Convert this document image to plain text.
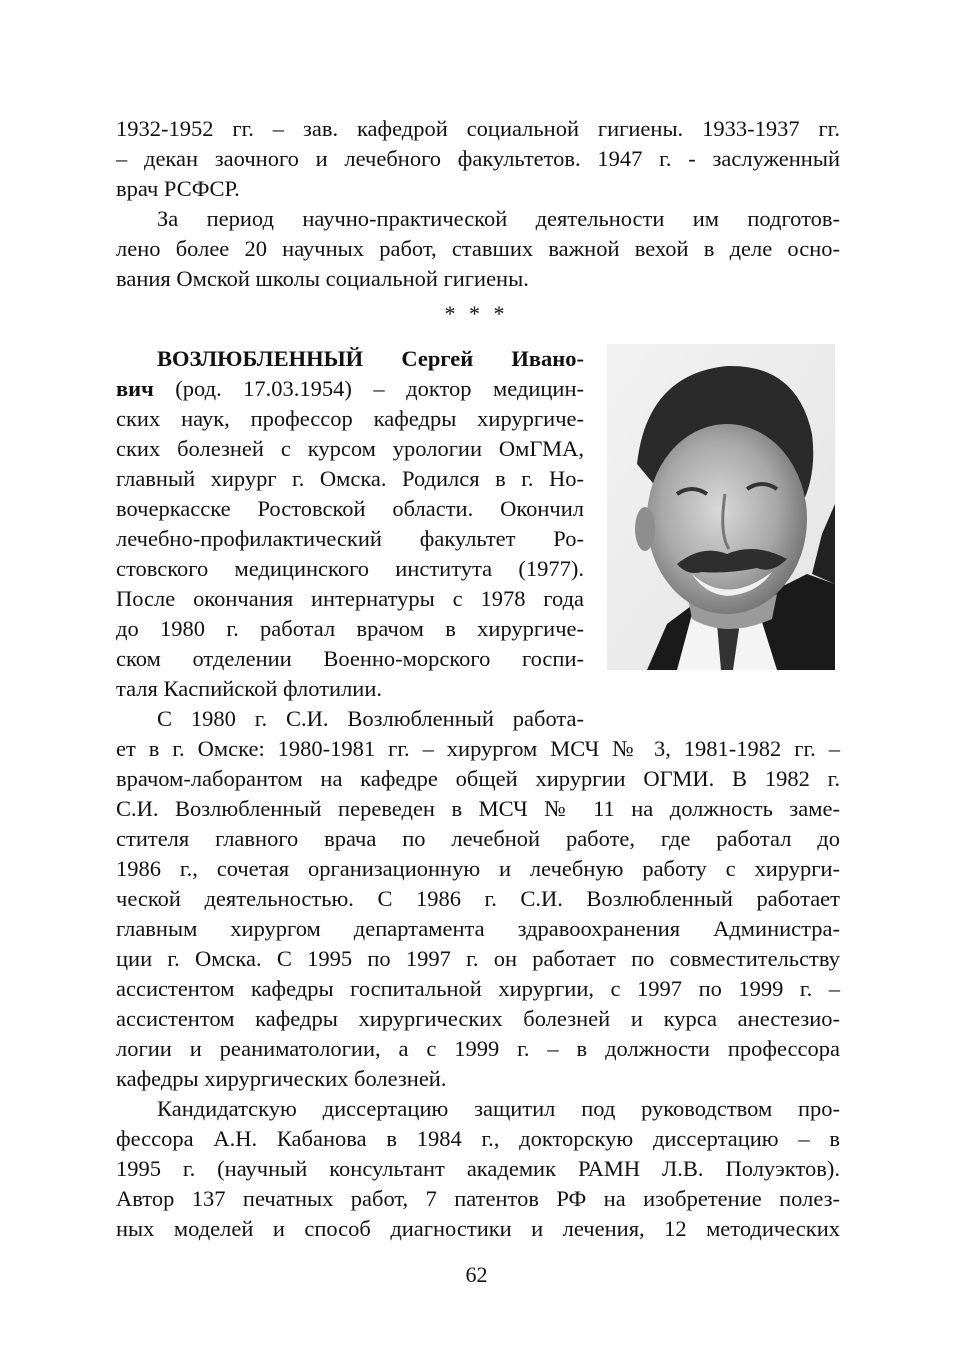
1932-1952 гг. – зав. кафедрой социальной гигиены. 1933-1937 гг.
– декан заочного и лечебного факультетов. 1947 г. - заслуженный
врач РСФСР.
За период научно-практической деятельности им подготов-
лено более 20 научных работ, ставших важной вехой в деле осно-
вания Омской школы социальной гигиены.
* * *
ВОЗЛЮБЛЕННЫЙ Сергей Ивано-
вич (род. 17.03.1954) – доктор медицин-
ских наук, профессор кафедры хирургиче-
ских болезней с курсом урологии ОмГМА,
главный хирург г. Омска. Родился в г. Но-
вочеркасске Ростовской области. Окончил
лечебно-профилактический факультет Ро-
стовского медицинского института (1977).
После окончания интернатуры с 1978 года
до 1980 г. работал врачом в хирургиче-
ском отделении Военно-морского госпи-
таля Каспийской флотилии.
С 1980 г. С.И. Возлюбленный работа-
ет в г. Омске: 1980-1981 гг. – хирургом МСЧ № 3, 1981-1982 гг. –
врачом-лаборантом на кафедре общей хирургии ОГМИ. В 1982 г.
С.И. Возлюбленный переведен в МСЧ № 11 на должность заме-
стителя главного врача по лечебной работе, где работал до
1986 г., сочетая организационную и лечебную работу с хирурги-
ческой деятельностью. С 1986 г. С.И. Возлюбленный работает
главным хирургом департамента здравоохранения Администра-
ции г. Омска. С 1995 по 1997 г. он работает по совместительству
ассистентом кафедры госпитальной хирургии, с 1997 по 1999 г. –
ассистентом кафедры хирургических болезней и курса анестезио-
логии и реаниматологии, а с 1999 г. – в должности профессора
кафедры хирургических болезней.
Кандидатскую диссертацию защитил под руководством про-
фессора А.Н. Кабанова в 1984 г., докторскую диссертацию – в
1995 г. (научный консультант академик РАМН Л.В. Полуэктов).
Автор 137 печатных работ, 7 патентов РФ на изобретение полез-
ных моделей и способ диагностики и лечения, 12 методических
62
